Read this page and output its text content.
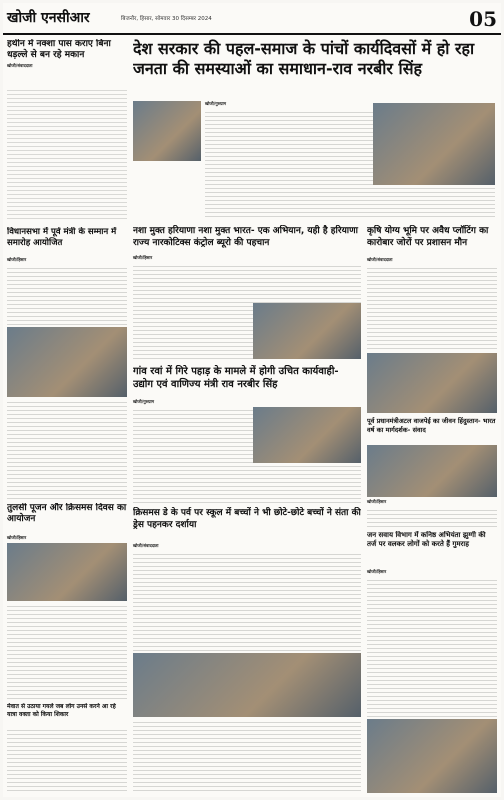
खोजी एनसीआर	बिजनौर, हिसार, सोमवार 30 दिसम्बर 2024	05
हथीन में नक्शा पास कराए बिना धड़ल्ले से बन रहे मकान
खोजी/संवाददाता
देश सरकार की पहल-समाज के पांचों कार्यदिवसों में हो रहा जनता की समस्याओं का समाधान-राव नरबीर सिंह
खोजी/गुरुग्राम
विधानसभा में पूर्व मंत्री के सम्मान में समारोह आयोजित
खोजी/हिसार
नशा मुक्त हरियाणा नशा मुक्त भारत- एक अभियान, यही है हरियाणा राज्य नारकोटिक्स कंट्रोल ब्यूरो की पहचान
खोजी/हिसार
कृषि योग्य भूमि पर अवैध प्लॉटिंग का कारोबार जोरों पर प्रशासन मौन
खोजी/संवाददाता
गांव रवां में गिरे पहाड़ के मामले में होगी उचित कार्यवाही- उद्योग एवं वाणिज्य मंत्री राव नरबीर सिंह
खोजी/गुरुग्राम
पूर्व प्रधानमंत्रीअटल वाजपेई का जीवन हिंदुस्तान- भारत वर्ष का मार्गदर्शक- संवाद
खोजी/हिसार
तुलसी पूजन और क्रिसमस दिवस का आयोजन
खोजी/हिसार
मेवात से उठाया गयले जब लोग उनसे करने आ रहे यात्रा वक्ता को किया शिकार
क्रिसमस डे के पर्व पर स्कूल में बच्चों ने भी छोटे-छोटे बच्चों ने संता की ड्रेस पहनकर दर्शाया
खोजी/संवाददाता
जन सवाय विभाग में कनिष्ठ अभियंता झुग्गी की तर्ज पर वलकर लोगों को करते हैं गुमराह
खोजी/हिसार
